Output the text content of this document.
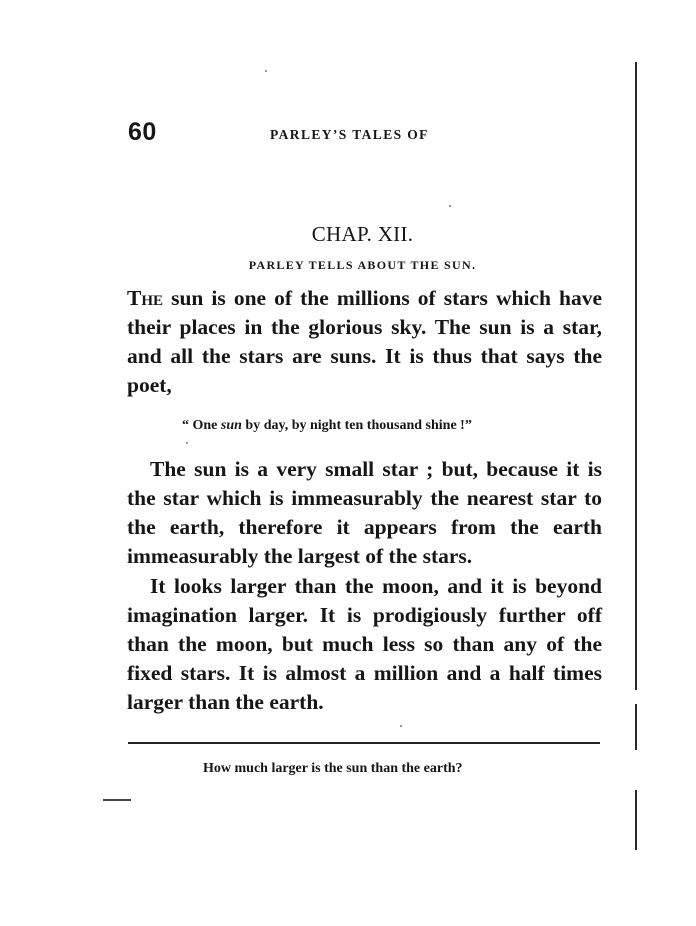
60	PARLEY’S TALES OF
CHAP. XII.
PARLEY TELLS ABOUT THE SUN.

The sun is one of the millions of stars which have their places in the glorious sky. The sun is a star, and all the stars are suns. It is thus that says the poet,

“ One sun by day, by night ten thousand shine !”

The sun is a very small star ; but, because it is the star which is immeasurably the nearest star to the earth, therefore it appears from the earth immeasurably the largest of the stars.

It looks larger than the moon, and it is beyond imagination larger. It is prodigiously further off than the moon, but much less so than any of the fixed stars. It is almost a million and a half times larger than the earth.

How much larger is the sun than the earth?
